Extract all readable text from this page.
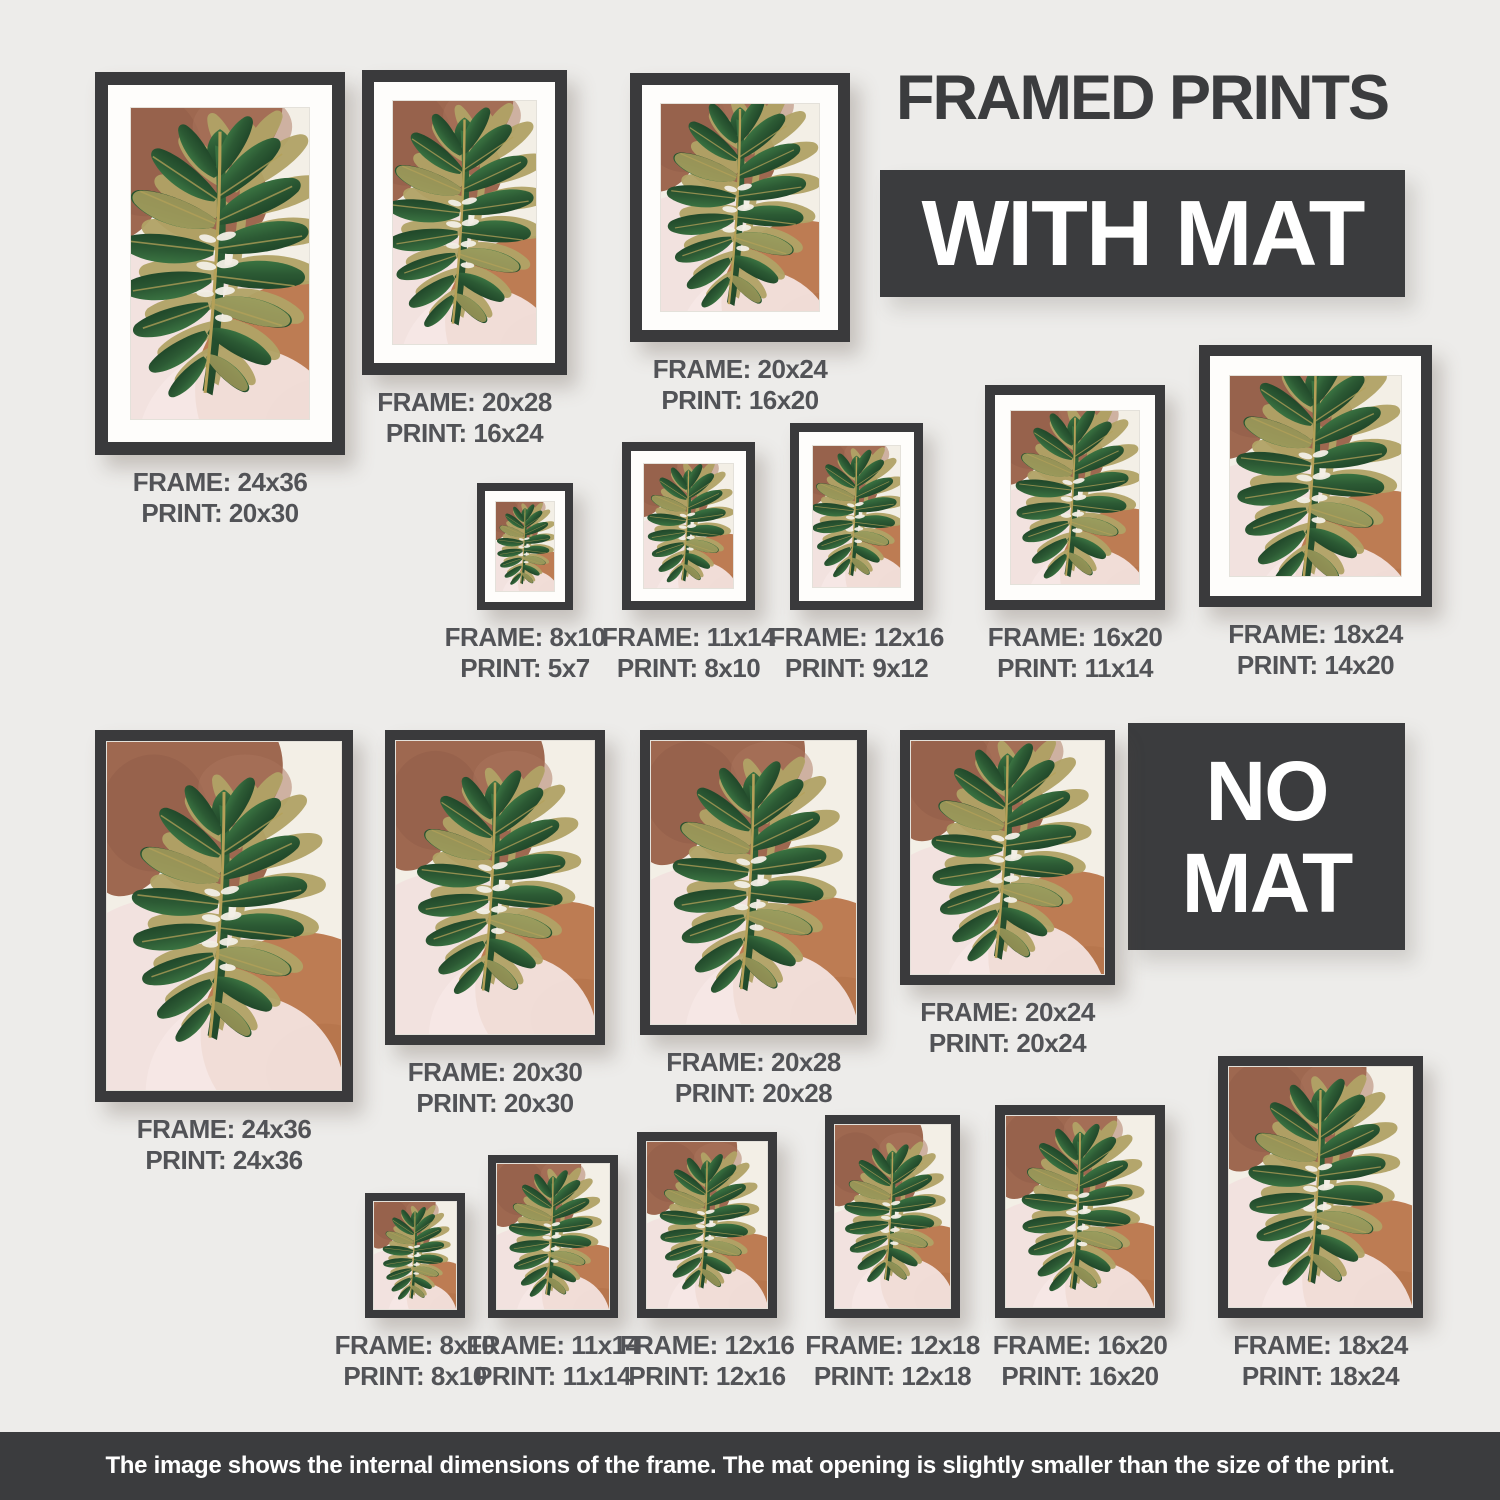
FRAMED PRINTS
WITH MAT
NO MAT
FRAME: 24x36
PRINT: 20x30
FRAME: 20x28
PRINT: 16x24
FRAME: 20x24
PRINT: 16x20
FRAME: 8x10
PRINT: 5x7
FRAME: 11x14
PRINT: 8x10
FRAME: 12x16
PRINT: 9x12
FRAME: 16x20
PRINT: 11x14
FRAME: 18x24
PRINT: 14x20
FRAME: 24x36
PRINT: 24x36
FRAME: 20x30
PRINT: 20x30
FRAME: 20x28
PRINT: 20x28
FRAME: 20x24
PRINT: 20x24
FRAME: 8x10
PRINT: 8x10
FRAME: 11x14
PRINT: 11x14
FRAME: 12x16
PRINT: 12x16
FRAME: 12x18
PRINT: 12x18
FRAME: 16x20
PRINT: 16x20
FRAME: 18x24
PRINT: 18x24
The image shows the internal dimensions of the frame. The mat opening is slightly smaller than the size of the print.
